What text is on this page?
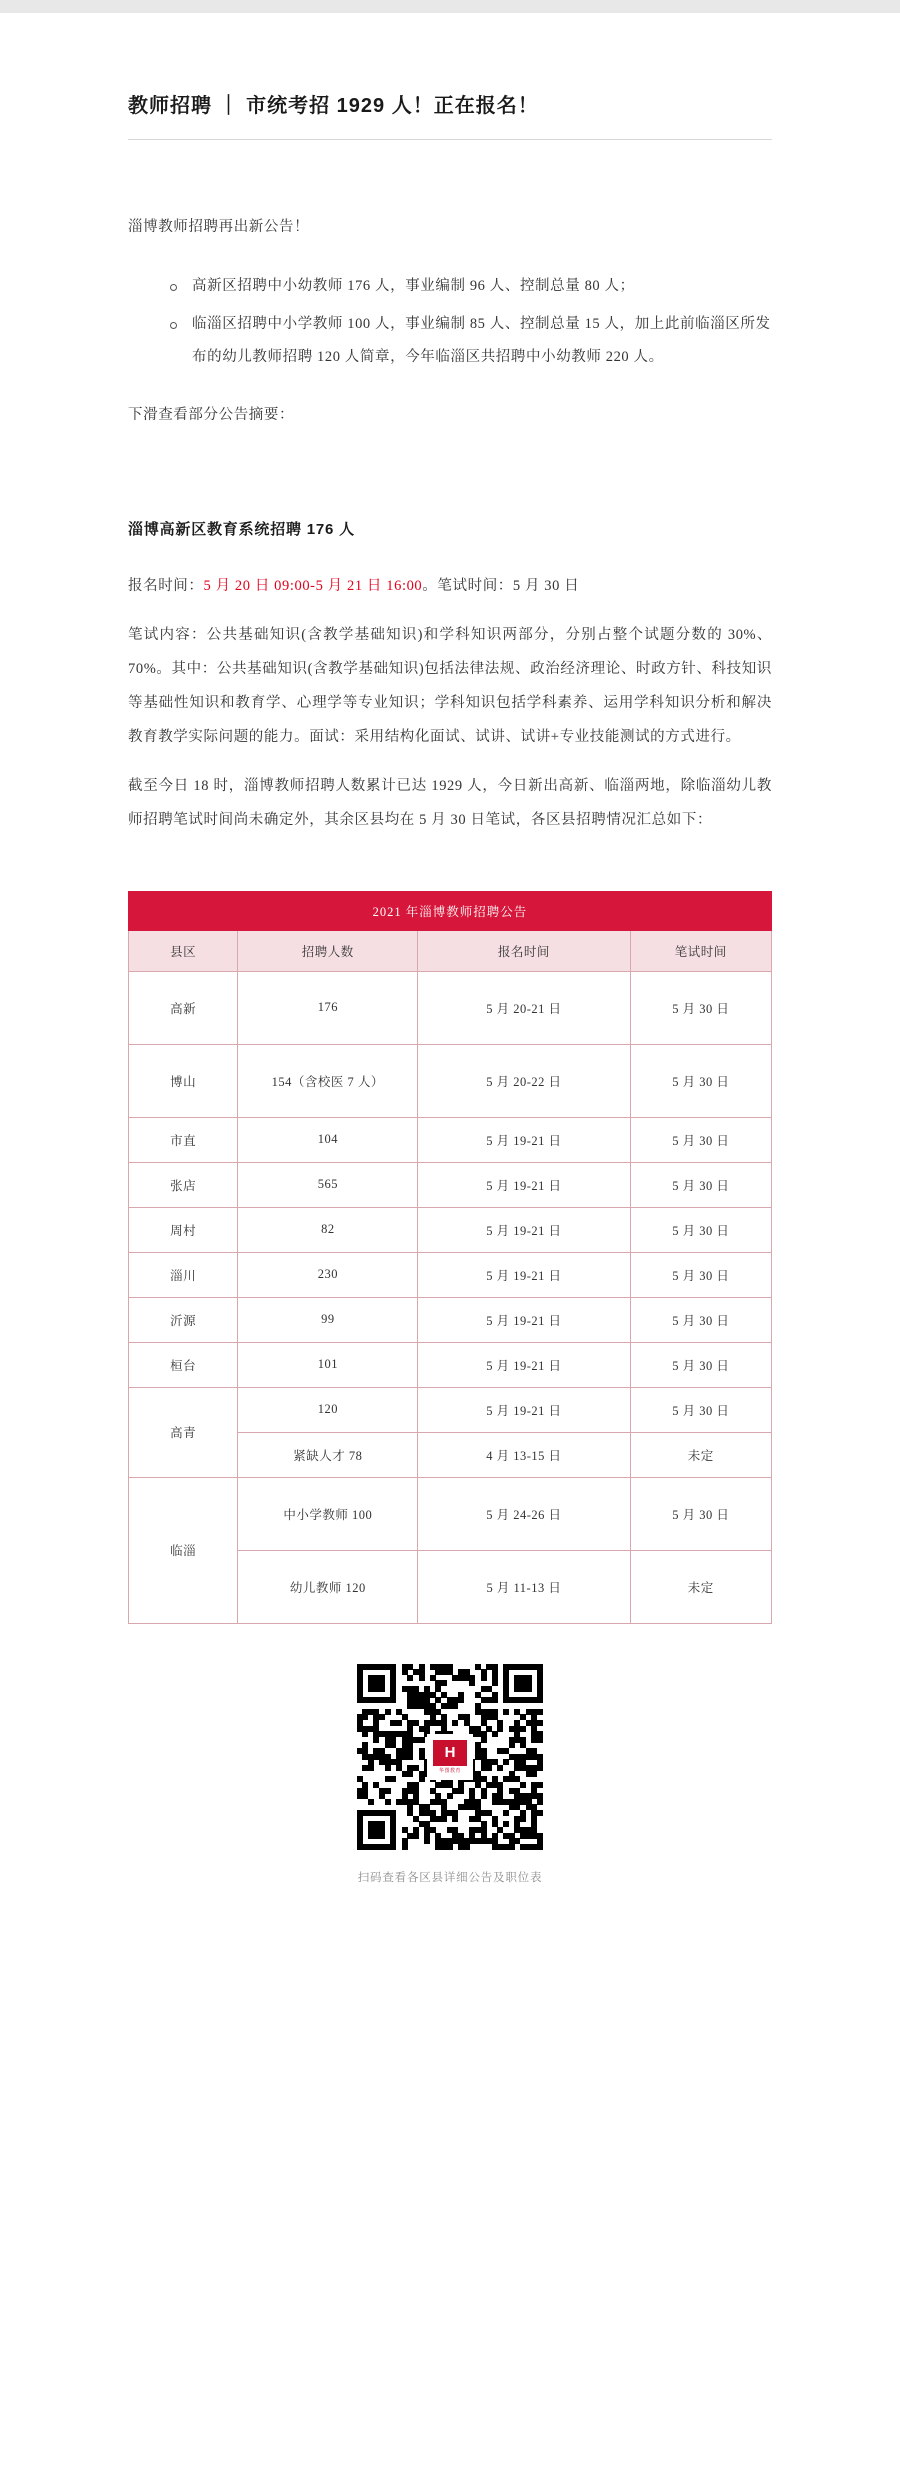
教师招聘 ｜ 市统考招 1929 人！正在报名！

淄博教师招聘再出新公告！

高新区招聘中小幼教师 176 人，事业编制 96 人、控制总量 80 人；
临淄区招聘中小学教师 100 人，事业编制 85 人、控制总量 15 人，加上此前临淄区所发布的幼儿教师招聘 120 人简章，今年临淄区共招聘中小幼教师 220 人。

下滑查看部分公告摘要：

淄博高新区教育系统招聘 176 人

报名时间：5 月 20 日 09:00-5 月 21 日 16:00。笔试时间：5 月 30 日

笔试内容：公共基础知识(含教学基础知识)和学科知识两部分，分别占整个试题分数的 30%、70%。其中：公共基础知识(含教学基础知识)包括法律法规、政治经济理论、时政方针、科技知识等基础性知识和教育学、心理学等专业知识；学科知识包括学科素养、运用学科知识分析和解决教育教学实际问题的能力。面试：采用结构化面试、试讲、试讲+专业技能测试的方式进行。

截至今日 18 时，淄博教师招聘人数累计已达 1929 人，今日新出高新、临淄两地，除临淄幼儿教师招聘笔试时间尚未确定外，其余区县均在 5 月 30 日笔试，各区县招聘情况汇总如下：

2021 年淄博教师招聘公告			
县区	招聘人数	报名时间	笔试时间
高新	176	5 月 20-21 日	5 月 30 日
博山	154（含校医 7 人）	5 月 20-22 日	5 月 30 日
市直	104	5 月 19-21 日	5 月 30 日
张店	565	5 月 19-21 日	5 月 30 日
周村	82	5 月 19-21 日	5 月 30 日
淄川	230	5 月 19-21 日	5 月 30 日
沂源	99	5 月 19-21 日	5 月 30 日
桓台	101	5 月 19-21 日	5 月 30 日
高青	120	5 月 19-21 日	5 月 30 日
	紧缺人才 78	4 月 13-15 日	未定
临淄	中小学教师 100	5 月 24-26 日	5 月 30 日
	幼儿教师 120	5 月 11-13 日	未定
H
华图教育
扫码查看各区县详细公告及职位表
